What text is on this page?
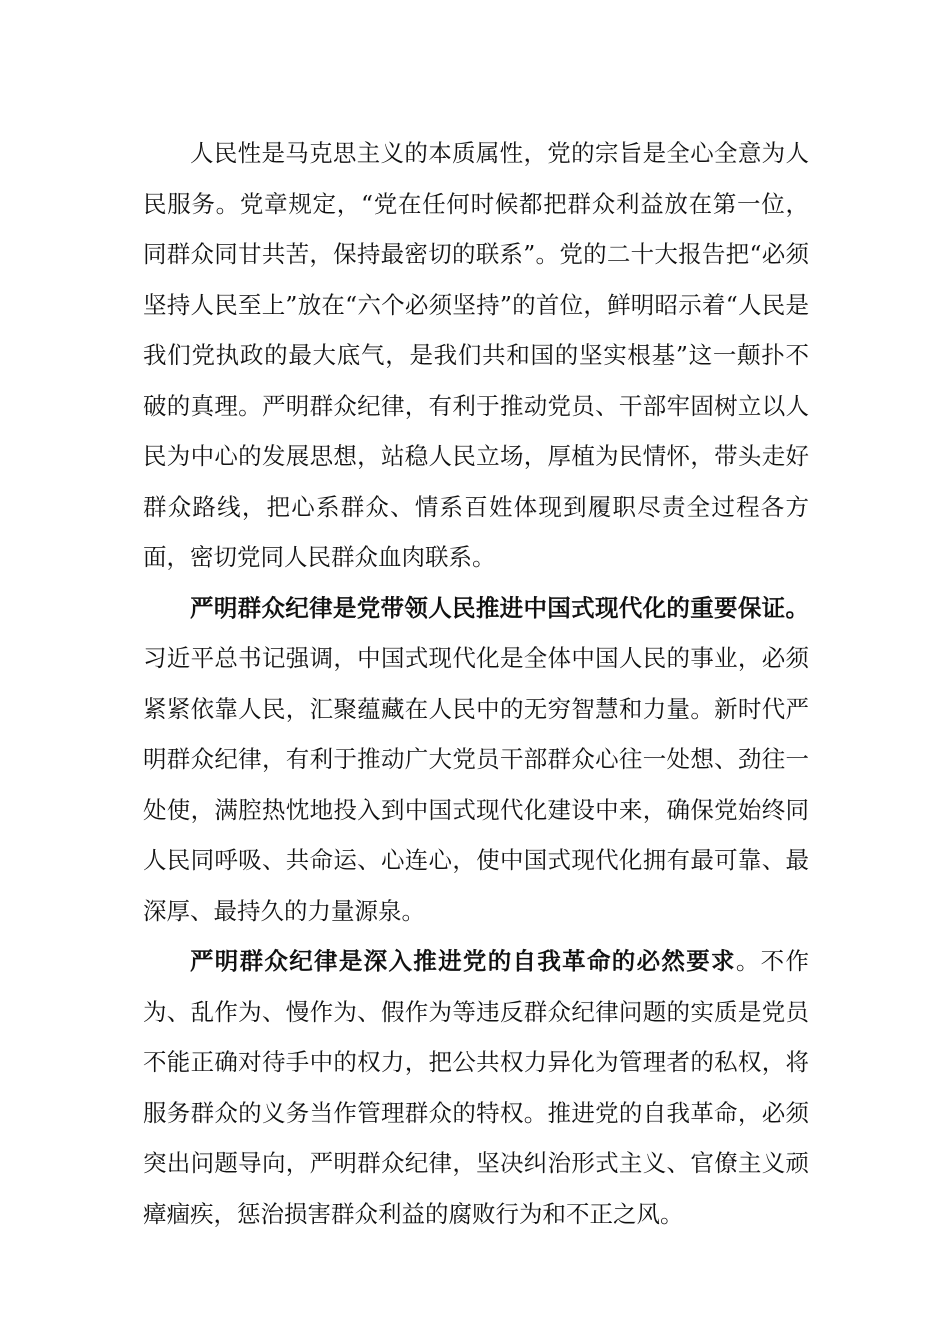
人民性是马克思主义的本质属性，党的宗旨是全心全意为人民服务。党章规定，“党在任何时候都把群众利益放在第一位，同群众同甘共苦，保持最密切的联系”。党的二十大报告把“必须坚持人民至上”放在“六个必须坚持”的首位，鲜明昭示着“人民是我们党执政的最大底气，是我们共和国的坚实根基”这一颠扑不破的真理。严明群众纪律，有利于推动党员、干部牢固树立以人民为中心的发展思想，站稳人民立场，厚植为民情怀，带头走好群众路线，把心系群众、情系百姓体现到履职尽责全过程各方面，密切党同人民群众血肉联系。

严明群众纪律是党带领人民推进中国式现代化的重要保证。习近平总书记强调，中国式现代化是全体中国人民的事业，必须紧紧依靠人民，汇聚蕴藏在人民中的无穷智慧和力量。新时代严明群众纪律，有利于推动广大党员干部群众心往一处想、劲往一处使，满腔热忱地投入到中国式现代化建设中来，确保党始终同人民同呼吸、共命运、心连心，使中国式现代化拥有最可靠、最深厚、最持久的力量源泉。

严明群众纪律是深入推进党的自我革命的必然要求。不作为、乱作为、慢作为、假作为等违反群众纪律问题的实质是党员不能正确对待手中的权力，把公共权力异化为管理者的私权，将服务群众的义务当作管理群众的特权。推进党的自我革命，必须突出问题导向，严明群众纪律，坚决纠治形式主义、官僚主义顽瘴痼疾，惩治损害群众利益的腐败行为和不正之风。
